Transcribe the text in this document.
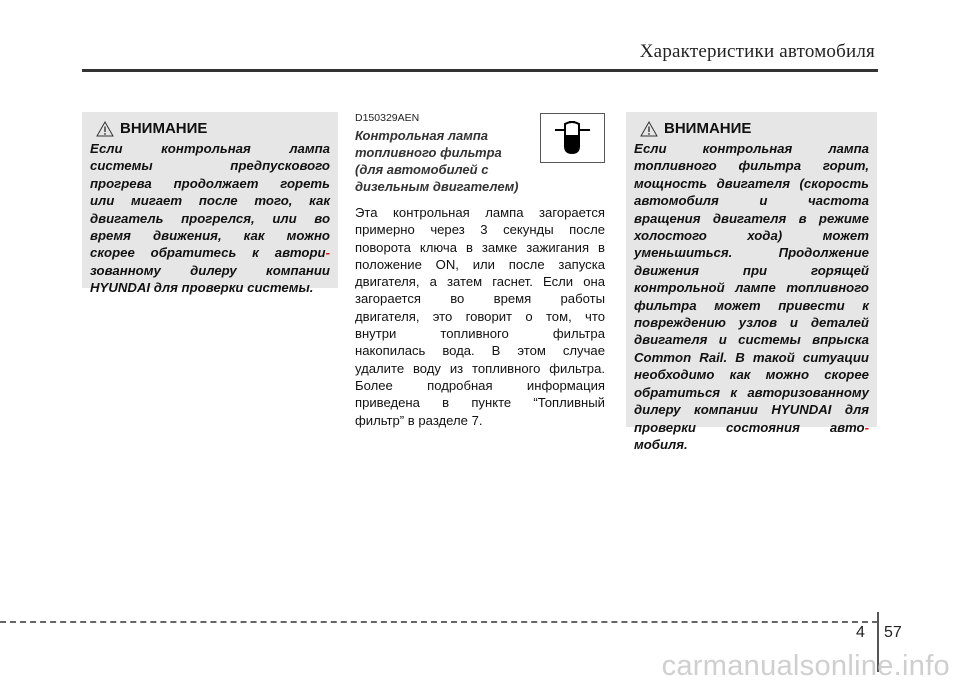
Характеристики автомобиля
ВНИМАНИЕ

Если контрольная лампа
системы предпускового
прогрева продолжает гореть
или мигает после того, как
двигатель прогрелся, или во
время движения, как можно
скорее обратитесь к автори-
зованному дилеру компании
HYUNDAI для проверки системы.

D150329AEN
Контрольная лампа
топливного фильтра
(для автомобилей с
дизельным двигателем)

Эта контрольная лампа загорается
примерно через 3 секунды после
поворота ключа в замке зажигания в
положение ON, или после запуска
двигателя, а затем гаснет. Если она
загорается во время работы
двигателя, это говорит о том, что
внутри топливного фильтра
накопилась вода. В этом случае
удалите воду из топливного фильтра.
Более подробная информация
приведена в пункте “Топливный
фильтр” в разделе 7.

ВНИМАНИЕ

Если контрольная лампа
топливного фильтра горит,
мощность двигателя (скорость
автомобиля и частота
вращения двигателя в режиме
холостого хода) может
уменьшиться. Продолжение
движения при горящей
контрольной лампе топливного
фильтра может привести к
повреждению узлов и деталей
двигателя и системы впрыска
Common Rail. В такой ситуации
необходимо как можно скорее
обратиться к авторизованному
дилеру компании HYUNDAI для
проверки состояния авто-
мобиля.

4 57
carmanualsonline.info
